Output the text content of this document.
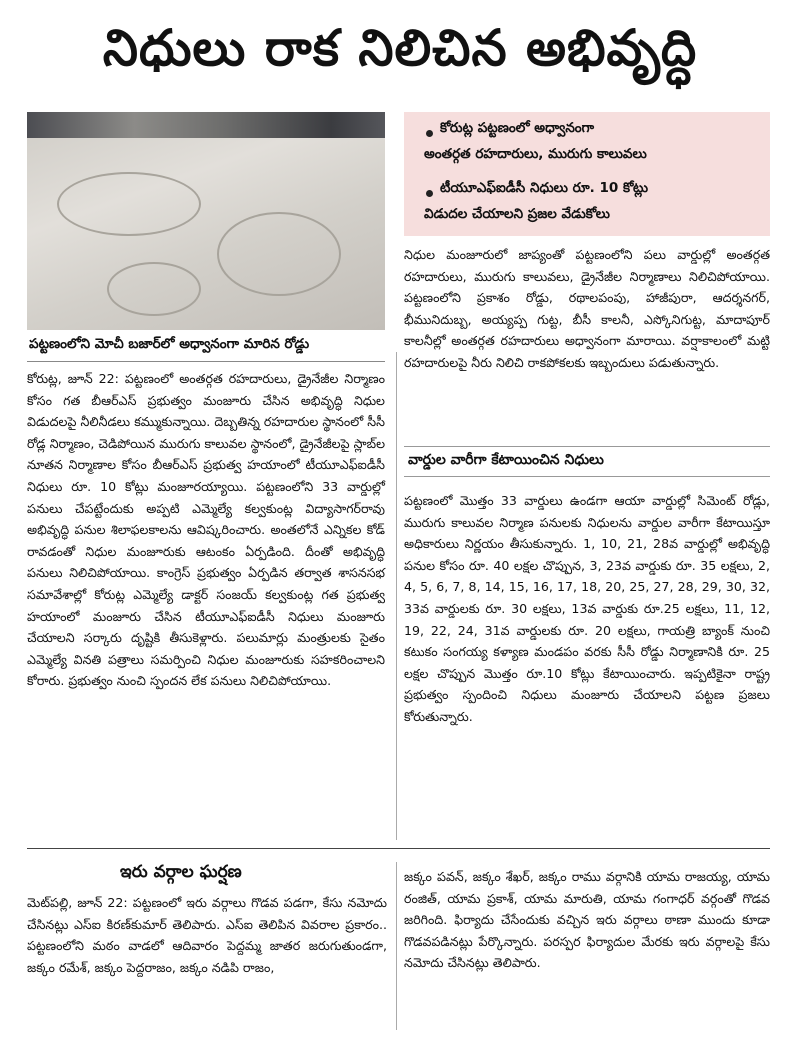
నిధులు రాక నిలిచిన అభివృద్ధి
పట్టణంలోని మోచీ బజార్‌లో అధ్వానంగా మారిన రోడ్డు
కోరుట్ల పట్టణంలో అధ్వానంగా
అంతర్గత రహదారులు, మురుగు కాలువలు
టీయూఎఫ్ఐడీసీ నిధులు రూ. 10 కోట్లు
విడుదల చేయాలని ప్రజల వేడుకోలు

కోరుట్ల, జూన్ 22: పట్టణంలో అంతర్గత రహదారులు, డ్రైనేజీల నిర్మాణం కోసం గత బీఆర్ఎస్ ప్రభుత్వం మంజూరు చేసిన అభివృద్ధి నిధుల విడుదలపై నీలినీడలు కమ్ముకున్నాయి. దెబ్బతిన్న రహదారుల స్థానంలో సీసీ రోడ్ల నిర్మాణం, చెడిపోయిన మురుగు కాలువల స్థానంలో, డ్రైనేజీలపై స్లాబ్‌ల నూతన నిర్మాణాల కోసం బీఆర్ఎస్ ప్రభుత్వ హయాంలో టీయూఎఫ్ఐడీసీ నిధులు రూ. 10 కోట్లు మంజూరయ్యాయి. పట్టణంలోని 33 వార్డుల్లో పనులు చేపట్టేందుకు అప్పటి ఎమ్మెల్యే కల్వకుంట్ల విద్యాసాగర్‌రావు అభివృద్ధి పనుల శిలాఫలకాలను ఆవిష్కరించారు. అంతలోనే ఎన్నికల కోడ్ రావడంతో నిధుల మంజూరుకు ఆటంకం ఏర్పడింది. దీంతో అభివృద్ధి పనులు నిలిచిపోయాయి. కాంగ్రెస్ ప్రభుత్వం ఏర్పడిన తర్వాత శాసనసభ సమావేశాల్లో కోరుట్ల ఎమ్మెల్యే డాక్టర్ సంజయ్ కల్వకుంట్ల గత ప్రభుత్వ హయాంలో మంజూరు చేసిన టీయూఎఫ్ఐడీసీ నిధులు మంజూరు చేయాలని సర్కారు దృష్టికి తీసుకెళ్లారు. పలుమార్లు మంత్రులకు సైతం ఎమ్మెల్యే వినతి పత్రాలు సమర్పించి నిధుల మంజూరుకు సహకరించాలని కోరారు. ప్రభుత్వం నుంచి స్పందన లేక పనులు నిలిచిపోయాయి.

నిధుల మంజూరులో జాప్యంతో పట్టణంలోని పలు వార్డుల్లో అంతర్గత రహదారులు, మురుగు కాలువలు, డ్రైనేజీల నిర్మాణాలు నిలిచిపోయాయి. పట్టణంలోని ప్రకాశం రోడ్డు, రథాలపంపు, హాజీపురా, ఆదర్శనగర్, భీమునిదుబ్బ, అయ్యప్ప గుట్ట, బీసీ కాలనీ, ఎస్కోనిగుట్ట, మాదాపూర్ కాలనీల్లో అంతర్గత రహదారులు అధ్వానంగా మారాయి. వర్షాకాలంలో మట్టి రహదారులపై నీరు నిలిచి రాకపోకలకు ఇబ్బందులు పడుతున్నారు.

వార్డుల వారీగా కేటాయించిన నిధులు

పట్టణంలో మొత్తం 33 వార్డులు ఉండగా ఆయా వార్డుల్లో సిమెంట్ రోడ్లు, మురుగు కాలువల నిర్మాణ పనులకు నిధులను వార్డుల వారీగా కేటాయిస్తూ అధికారులు నిర్ణయం తీసుకున్నారు. 1, 10, 21, 28వ వార్డుల్లో అభివృద్ధి పనుల కోసం రూ. 40 లక్షల చొప్పున, 3, 23వ వార్డుకు రూ. 35 లక్షలు, 2, 4, 5, 6, 7, 8, 14, 15, 16, 17, 18, 20, 25, 27, 28, 29, 30, 32, 33వ వార్డులకు రూ. 30 లక్షలు, 13వ వార్డుకు రూ.25 లక్షలు, 11, 12, 19, 22, 24, 31వ వార్డులకు రూ. 20 లక్షలు, గాయత్రి బ్యాంక్ నుంచి కటుకం సంగయ్య కళ్యాణ మండపం వరకు సీసీ రోడ్డు నిర్మాణానికి రూ. 25 లక్షల చొప్పున మొత్తం రూ.10 కోట్లు కేటాయించారు. ఇప్పటికైనా రాష్ట్ర ప్రభుత్వం స్పందించి నిధులు మంజూరు చేయాలని పట్టణ ప్రజలు కోరుతున్నారు.

ఇరు వర్గాల ఘర్షణ

మెట్‌పల్లి, జూన్ 22: పట్టణంలో ఇరు వర్గాలు గొడవ పడగా, కేసు నమోదు చేసినట్లు ఎస్ఐ కిరణ్‌కుమార్ తెలిపారు. ఎస్ఐ తెలిపిన వివరాల ప్రకారం.. పట్టణంలోని మఠం వాడలో ఆదివారం పెద్దమ్మ జాతర జరుగుతుండగా, జక్కం రమేశ్, జక్కం పెద్దరాజం, జక్కం నడిపి రాజం,

జక్కం పవన్, జక్కం శేఖర్, జక్కం రాము వర్గానికి యామ రాజయ్య, యామ రంజిత్, యామ ప్రకాశ్, యామ మారుతి, యామ గంగాధర్ వర్గంతో గొడవ జరిగింది. ఫిర్యాదు చేసేందుకు వచ్చిన ఇరు వర్గాలు ఠాణా ముందు కూడా గొడవపడినట్లు పేర్కొన్నారు. పరస్పర ఫిర్యాదుల మేరకు ఇరు వర్గాలపై కేసు నమోదు చేసినట్లు తెలిపారు.
